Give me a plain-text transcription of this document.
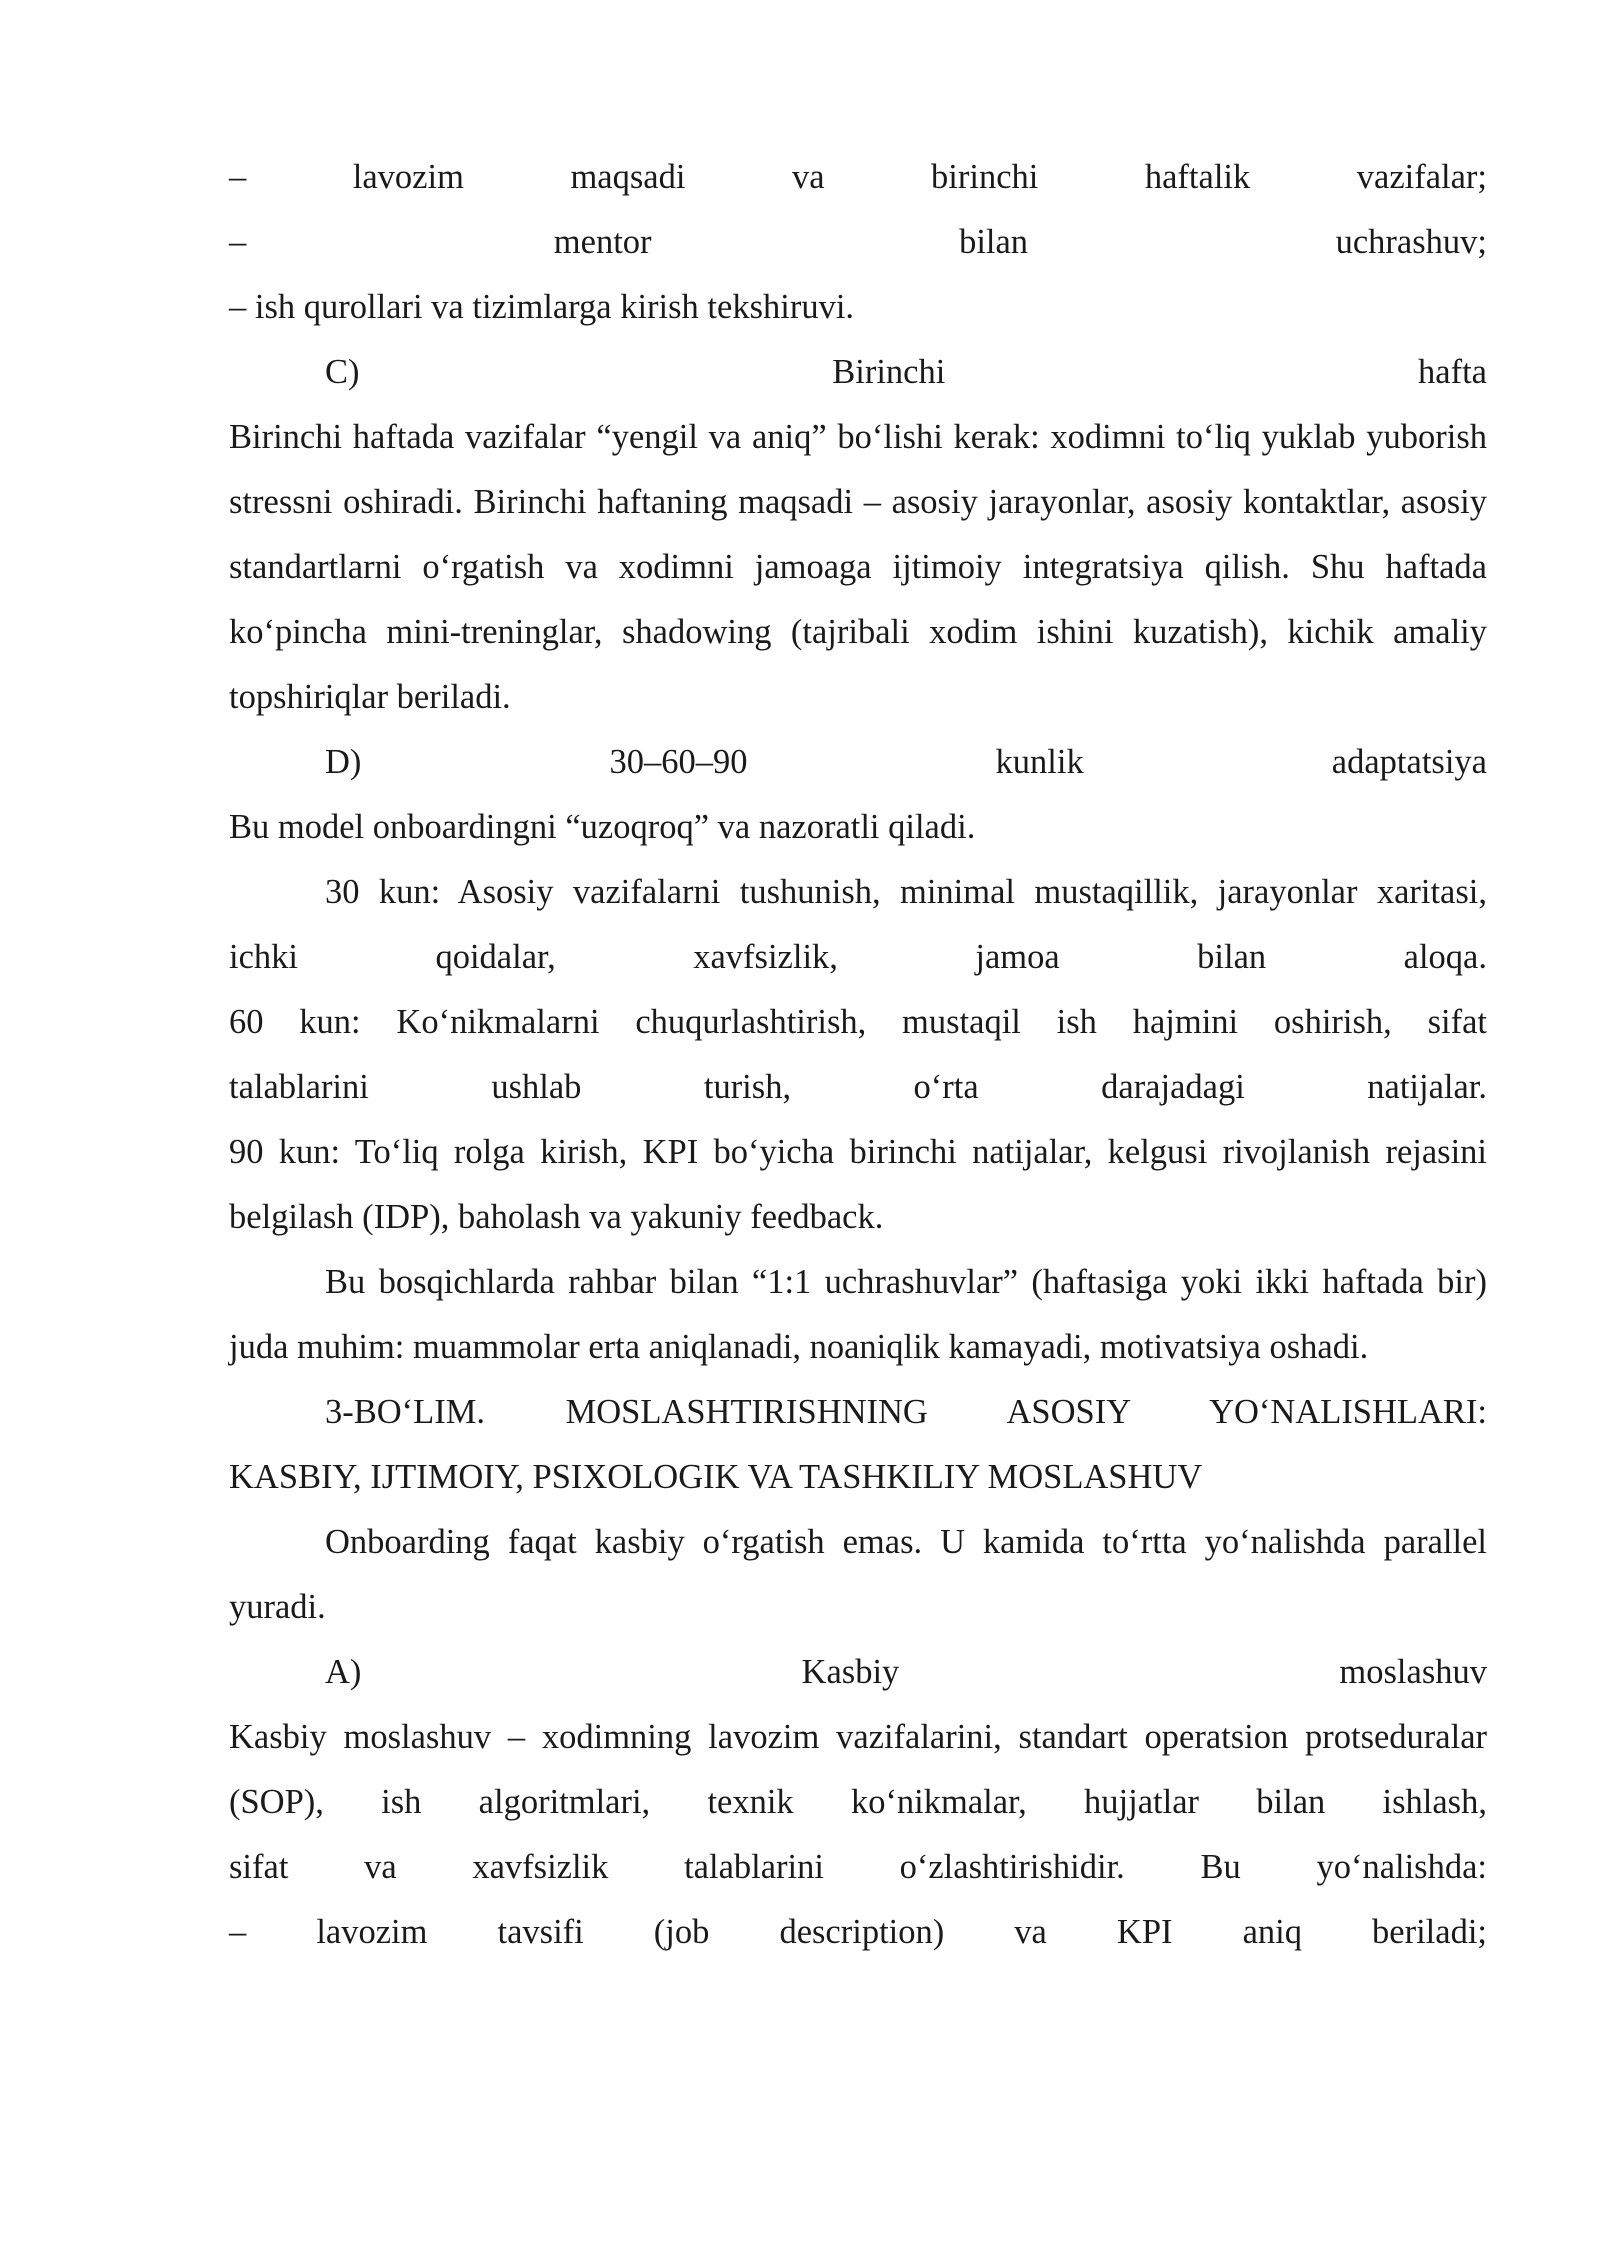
– lavozim maqsadi va birinchi haftalik vazifalar;
– mentor bilan uchrashuv;
– ish qurollari va tizimlarga kirish tekshiruvi.
C) Birinchi hafta
Birinchi haftada vazifalar “yengil va aniq” bo‘lishi kerak: xodimni to‘liq yuklab yuborish stressni oshiradi. Birinchi haftaning maqsadi – asosiy jarayonlar, asosiy kontaktlar, asosiy standartlarni o‘rgatish va xodimni jamoaga ijtimoiy integratsiya qilish. Shu haftada ko‘pincha mini-treninglar, shadowing (tajribali xodim ishini kuzatish), kichik amaliy topshiriqlar beriladi.
D) 30–60–90 kunlik adaptatsiya
Bu model onboardingni “uzoqroq” va nazoratli qiladi.
30 kun: Asosiy vazifalarni tushunish, minimal mustaqillik, jarayonlar xaritasi,
ichki qoidalar, xavfsizlik, jamoa bilan aloqa.
60 kun: Ko‘nikmalarni chuqurlashtirish, mustaqil ish hajmini oshirish, sifat
talablarini ushlab turish, o‘rta darajadagi natijalar.
90 kun: To‘liq rolga kirish, KPI bo‘yicha birinchi natijalar, kelgusi rivojlanish rejasini belgilash (IDP), baholash va yakuniy feedback.
Bu bosqichlarda rahbar bilan “1:1 uchrashuvlar” (haftasiga yoki ikki haftada bir) juda muhim: muammolar erta aniqlanadi, noaniqlik kamayadi, motivatsiya oshadi.
3-BO‘LIM. MOSLASHTIRISHNING ASOSIY YO‘NALISHLARI:
KASBIY, IJTIMOIY, PSIXOLOGIK VA TASHKILIY MOSLASHUV
Onboarding faqat kasbiy o‘rgatish emas. U kamida to‘rtta yo‘nalishda parallel yuradi.
A) Kasbiy moslashuv
Kasbiy moslashuv – xodimning lavozim vazifalarini, standart operatsion protseduralar (SOP), ish algoritmlari, texnik ko‘nikmalar, hujjatlar bilan ishlash,
sifat va xavfsizlik talablarini o‘zlashtirishidir. Bu yo‘nalishda:
– lavozim tavsifi (job description) va KPI aniq beriladi;
